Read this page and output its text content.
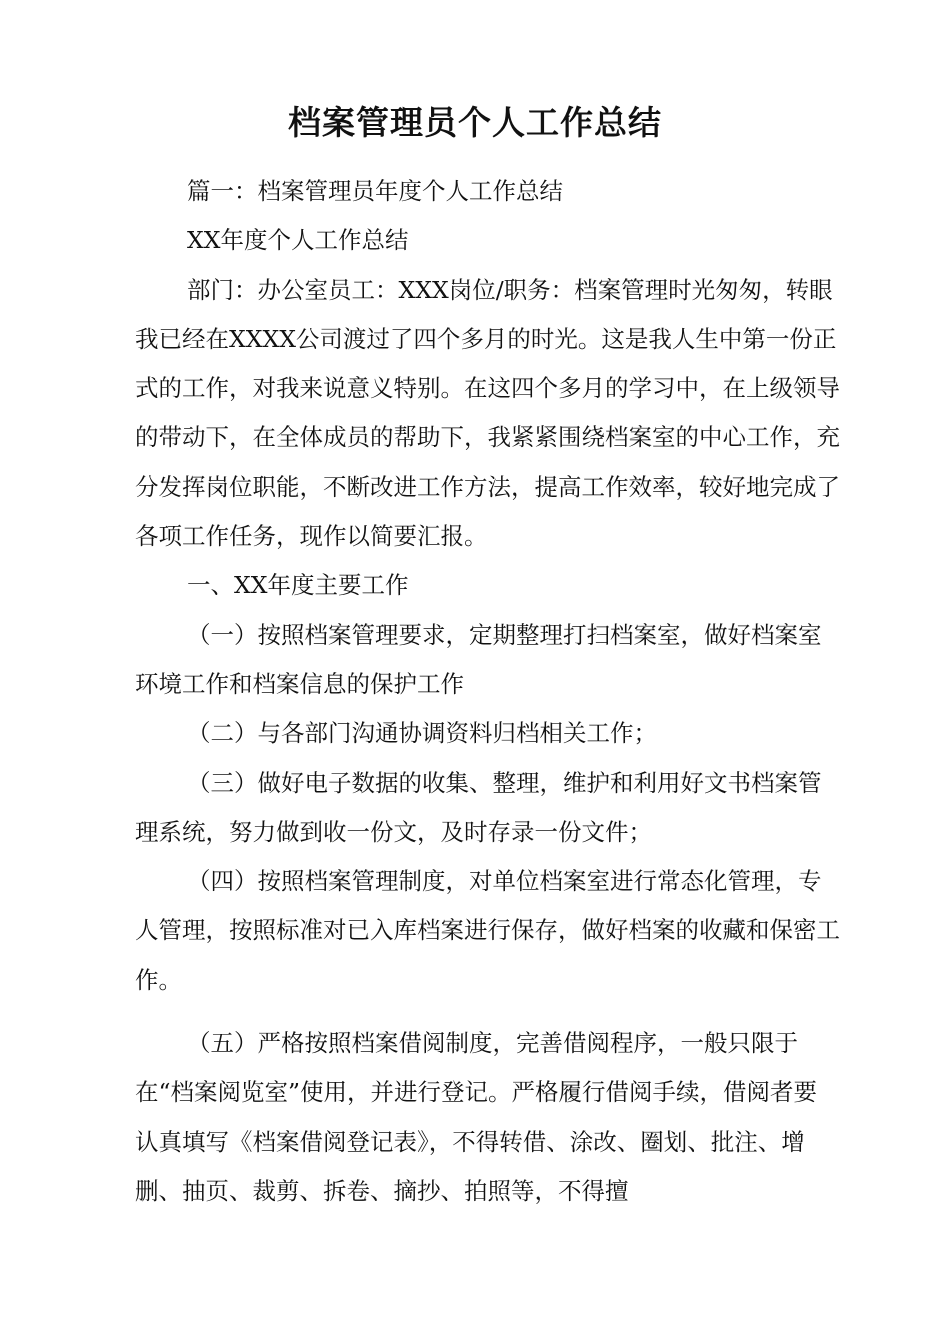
档案管理员个人工作总结

篇一：档案管理员年度个人工作总结

XX年度个人工作总结

部门：办公室员工：XXX岗位/职务：档案管理时光匆匆，转眼我已经在XXXX公司渡过了四个多月的时光。这是我人生中第一份正式的工作，对我来说意义特别。在这四个多月的学习中，在上级领导的带动下，在全体成员的帮助下，我紧紧围绕档案室的中心工作，充分发挥岗位职能，不断改进工作方法，提高工作效率，较好地完成了各项工作任务，现作以简要汇报。

一、XX年度主要工作

（一）按照档案管理要求，定期整理打扫档案室，做好档案室环境工作和档案信息的保护工作

（二）与各部门沟通协调资料归档相关工作；

（三）做好电子数据的收集、整理，维护和利用好文书档案管理系统，努力做到收一份文，及时存录一份文件；

（四）按照档案管理制度，对单位档案室进行常态化管理，专人管理，按照标准对已入库档案进行保存，做好档案的收藏和保密工作。

（五）严格按照档案借阅制度，完善借阅程序，一般只限于在“档案阅览室”使用，并进行登记。严格履行借阅手续，借阅者要认真填写《档案借阅登记表》，不得转借、涂改、圈划、批注、增删、抽页、裁剪、拆卷、摘抄、拍照等，不得擅
